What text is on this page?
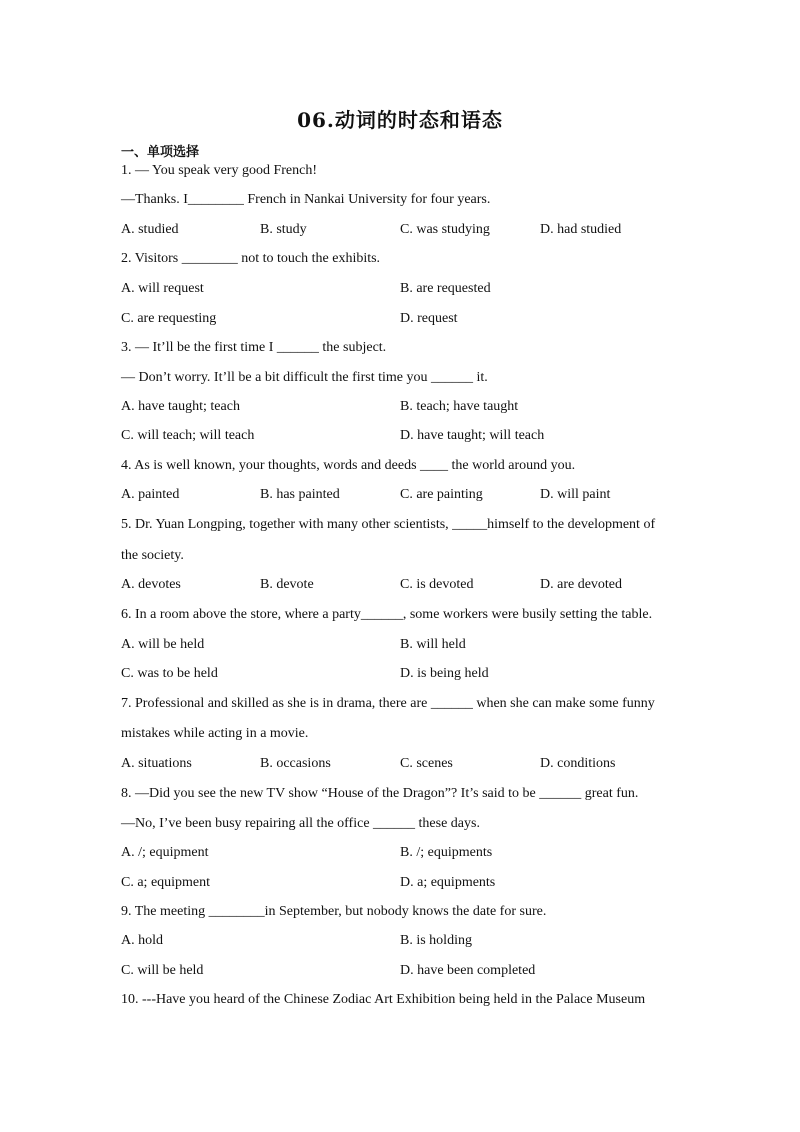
06.动词的时态和语态
一、单项选择
1. — You speak very good French!
—Thanks. I________ French in Nankai University for four years.
A. studied	B. study	C. was studying	D. had studied
2. Visitors ________ not to touch the exhibits.
A. will request	B. are requested
C. are requesting	D. request
3. — It’ll be the first time I ______ the subject.
— Don’t worry. It’ll be a bit difficult the first time you ______ it.
A. have taught; teach	B. teach; have taught
C. will teach; will teach	D. have taught; will teach
4. As is well known, your thoughts, words and deeds ____ the world around you.
A. painted	B. has painted	C. are painting	D. will paint
5. Dr. Yuan Longping, together with many other scientists, _____himself to the development of
the society.
A. devotes	B. devote	C. is devoted	D. are devoted
6. In a room above the store, where a party______, some workers were busily setting the table.
A. will be held	B. will held
C. was to be held	D. is being held
7. Professional and skilled as she is in drama, there are ______ when she can make some funny
mistakes while acting in a movie.
A. situations	B. occasions	C. scenes	D. conditions
8. —Did you see the new TV show “House of the Dragon”? It’s said to be ______ great fun.
—No, I’ve been busy repairing all the office ______ these days.
A. /; equipment	B. /; equipments
C. a; equipment	D. a; equipments
9. The meeting ________in September, but nobody knows the date for sure.
A. hold	B. is holding
C. will be held	D. have been completed
10. ---Have you heard of the Chinese Zodiac Art Exhibition being held in the Palace Museum
